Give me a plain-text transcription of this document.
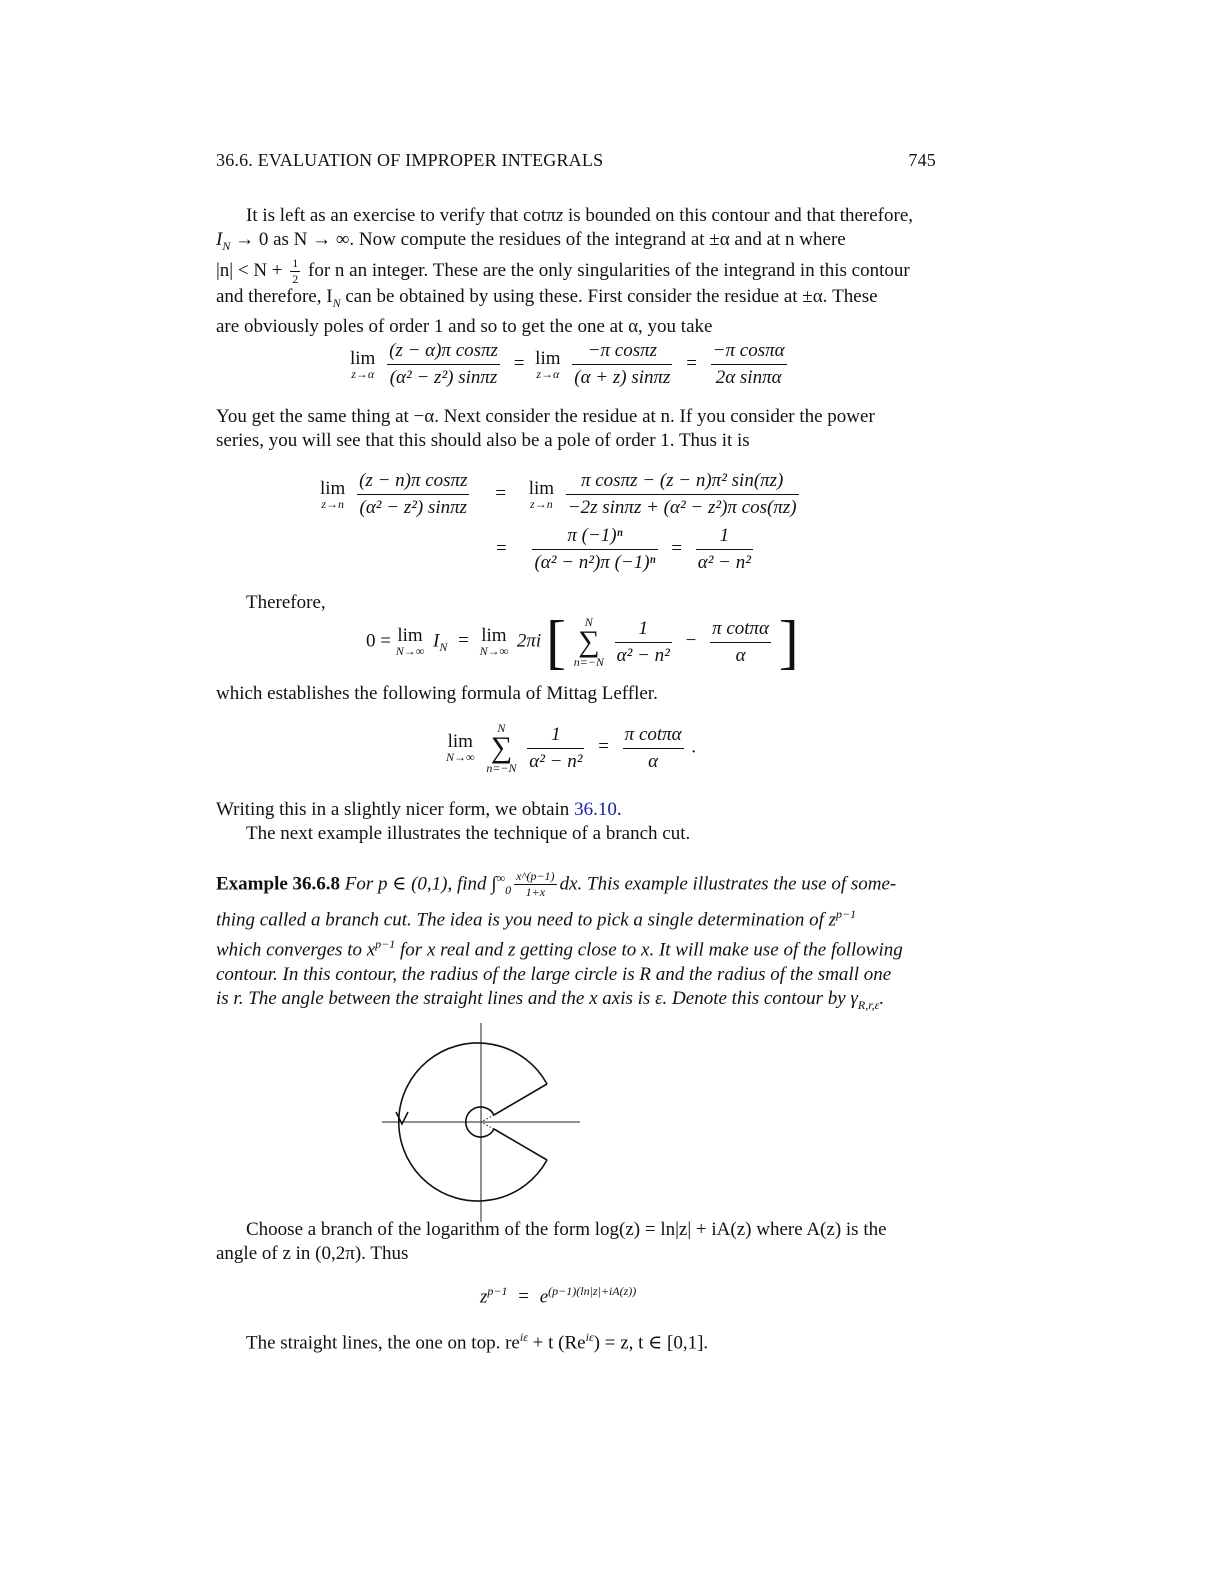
36.6. EVALUATION OF IMPROPER INTEGRALS	745
It is left as an exercise to verify that cotπz is bounded on this contour and that therefore,
$I_N \to 0$ as N → ∞. Now compute the residues of the integrand at ±α and at n where
$|n| < N + \frac{1}{2}$ for n an integer. These are the only singularities of the integrand in this contour
and therefore, $I_N$ can be obtained by using these. First consider the residue at ±α. These
are obviously poles of order 1 and so to get the one at α, you take
lim
z→α
$\frac{\text{(z − α)π cosπz}}{\text{(α² − z²) sinπz}} = \lim$
z→α
$\frac{\text{−π cosπz}}{(\alpha + z) \sin\pi z} = \frac{\text{−π cosπα}}{\text{2α sinπα}}$
You get the same thing at −α. Next consider the residue at n. If you consider the power
series, you will see that this should also be a pole of order 1. Thus it is
lim
z→n
$\frac{\text{(z − n)π cosπz}}{\text{(α² − z²) sinπz}} = \lim$
z→n
$\frac{\text{π cosπz − (z − n)π² sin(πz)}}{\text{−2z sinπz + (α² − z²)π cos(πz)}}$
= $\frac{\text{π (−1)ⁿ}}{\text{(α² − n²)π (−1)ⁿ}} = \frac{1}{\text{α² − n²}}$
Therefore,
0 = lim
N→∞ $I_N = \lim$
N→∞ 2πi [	N
∑
n=−N
$\frac{1}{\text{α² − n²}} - \frac{\text{π cotπα}}{\alpha}$ ]
which establishes the following formula of Mittag Leffler.
lim
N→∞

N
∑
n=−N
$\frac{1}{\text{α² − n²}} = \frac{\text{π cotπα}}{\alpha}$ .
Writing this in a slightly nicer form, we obtain 36.10.
The next example illustrates the technique of a branch cut.
Example 36.6.8 For p ∈ (0,1), find $\int^\infty_0 \frac{x\^{}(p-1)}{1+x}$ dx. This example illustrates the use of some-
thing called a branch cut. The idea is you need to pick a single determination of $z^{p-1}$
which converges to $x^{p-1}$ for x real and z getting close to x. It will make use of the following
contour. In this contour, the radius of the large circle is R and the radius of the small one
is r. The angle between the straight lines and the x axis is ε. Denote this contour by $\gamma_{R,r,\varepsilon}$.
Choose a branch of the logarithm of the form log(z) = ln|z| + iA(z) where A(z) is the
angle of z in (0,2π). Thus
$z^{p-1} = e^{(p-1)(ln|z|+iA(z))}$
The straight lines, the one on top. $re^{i\varepsilon} + t$ $(Re^{i\varepsilon}) = z$, t ∈ [0,1].
